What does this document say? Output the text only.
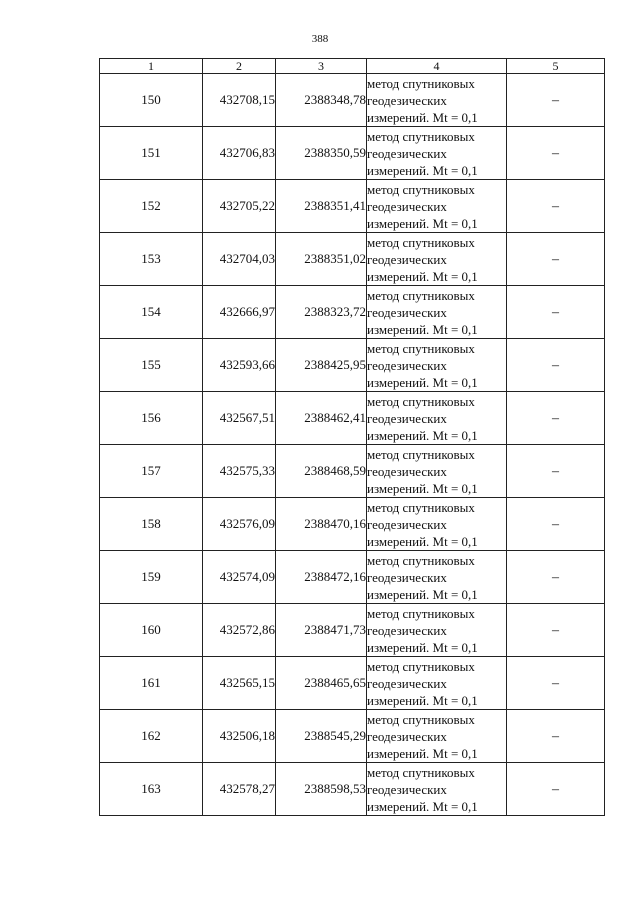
388
1	2	3	4	5
150	432708,15	2388348,78	метод спутниковых
геодезических
измерений. Mt = 0,1	–
151	432706,83	2388350,59	метод спутниковых
геодезических
измерений. Mt = 0,1	–
152	432705,22	2388351,41	метод спутниковых
геодезических
измерений. Mt = 0,1	–
153	432704,03	2388351,02	метод спутниковых
геодезических
измерений. Mt = 0,1	–
154	432666,97	2388323,72	метод спутниковых
геодезических
измерений. Mt = 0,1	–
155	432593,66	2388425,95	метод спутниковых
геодезических
измерений. Mt = 0,1	–
156	432567,51	2388462,41	метод спутниковых
геодезических
измерений. Mt = 0,1	–
157	432575,33	2388468,59	метод спутниковых
геодезических
измерений. Mt = 0,1	–
158	432576,09	2388470,16	метод спутниковых
геодезических
измерений. Mt = 0,1	–
159	432574,09	2388472,16	метод спутниковых
геодезических
измерений. Mt = 0,1	–
160	432572,86	2388471,73	метод спутниковых
геодезических
измерений. Mt = 0,1	–
161	432565,15	2388465,65	метод спутниковых
геодезических
измерений. Mt = 0,1	–
162	432506,18	2388545,29	метод спутниковых
геодезических
измерений. Mt = 0,1	–
163	432578,27	2388598,53	метод спутниковых
геодезических
измерений. Mt = 0,1	–
